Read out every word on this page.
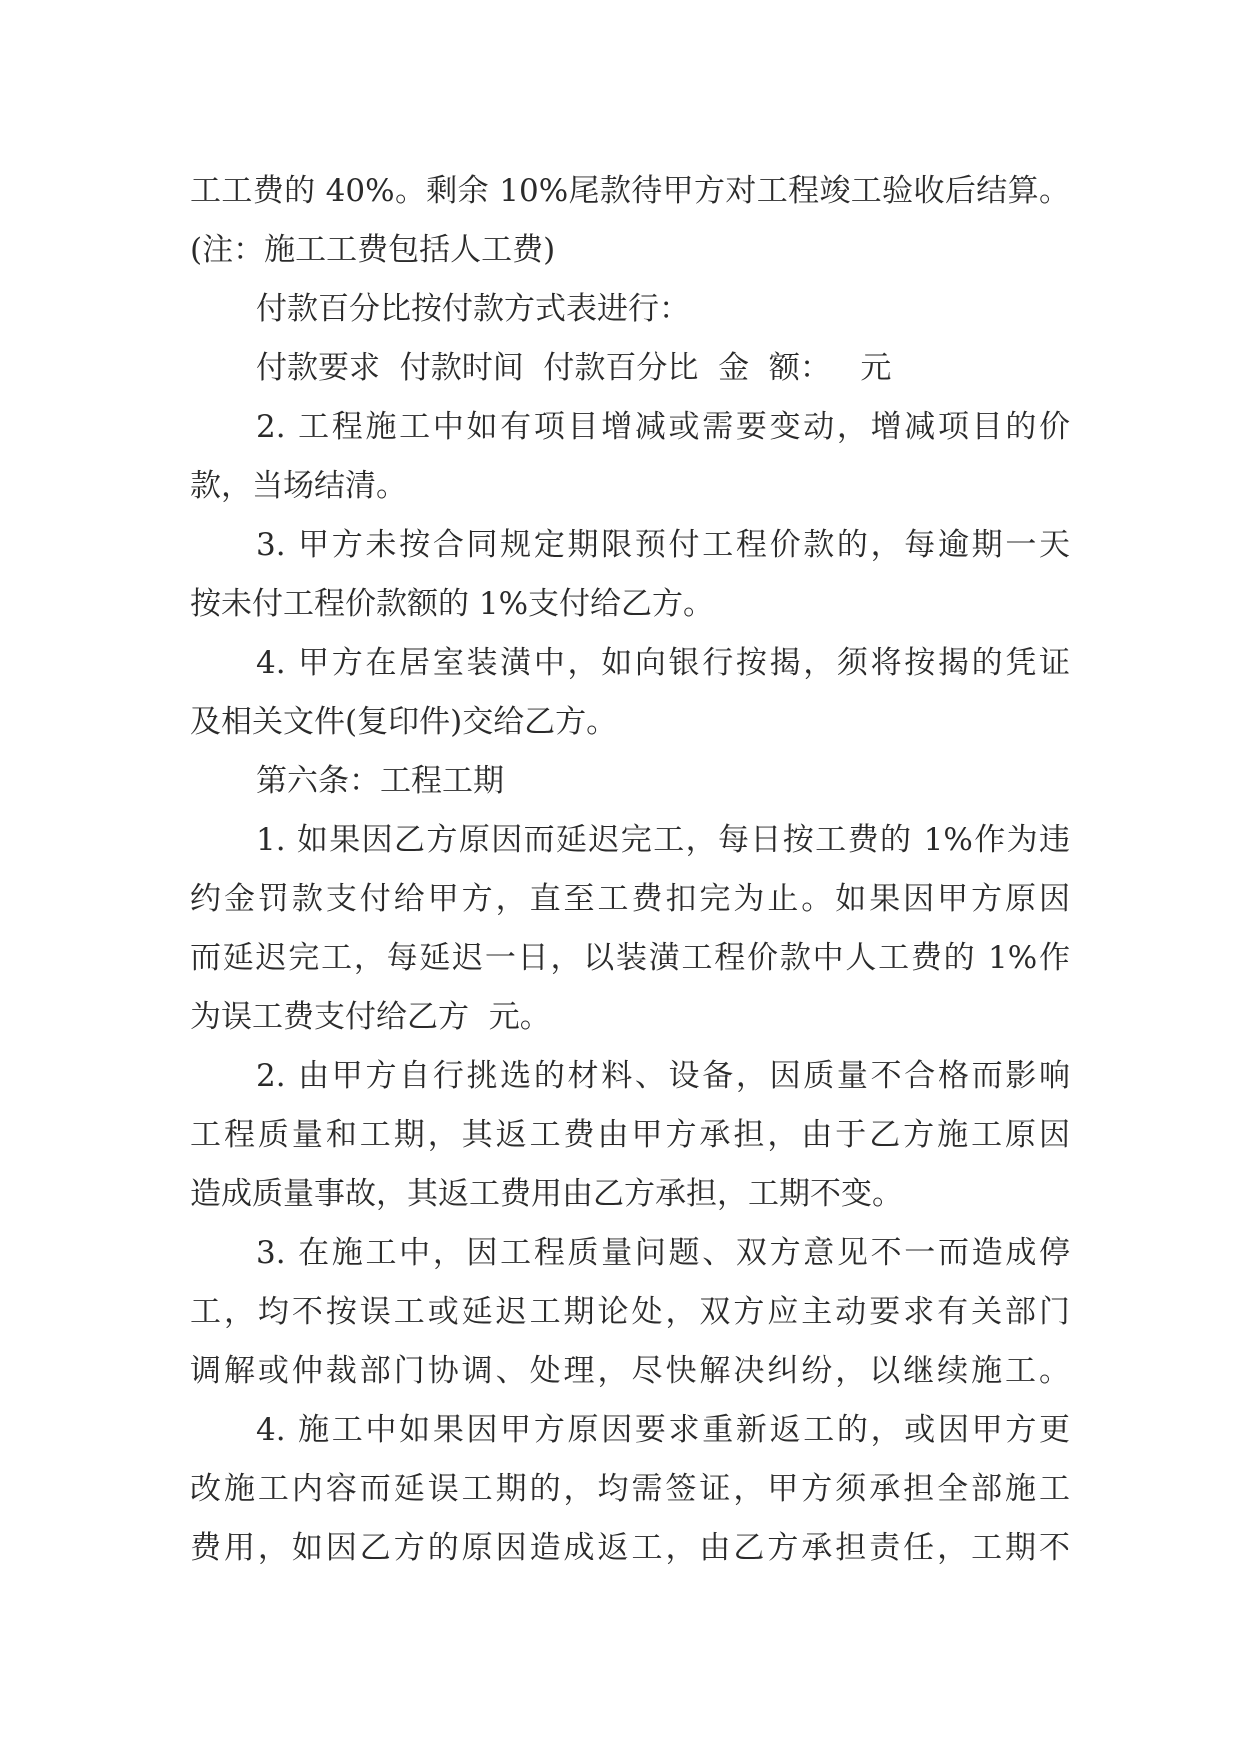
工工费的 40%。剩余 10%尾款待甲方对工程竣工验收后结算。
(注：施工工费包括人工费)
付款百分比按付款方式表进行：
付款要求  付款时间  付款百分比  金  额：   元
2. 工程施工中如有项目增减或需要变动，增减项目的价
款，当场结清。
3. 甲方未按合同规定期限预付工程价款的，每逾期一天
按未付工程价款额的 1%支付给乙方。
4. 甲方在居室装潢中，如向银行按揭，须将按揭的凭证
及相关文件(复印件)交给乙方。
第六条：工程工期
1. 如果因乙方原因而延迟完工，每日按工费的 1%作为违
约金罚款支付给甲方，直至工费扣完为止。如果因甲方原因
而延迟完工，每延迟一日，以装潢工程价款中人工费的 1%作
为误工费支付给乙方  元。
2. 由甲方自行挑选的材料、设备，因质量不合格而影响
工程质量和工期，其返工费由甲方承担，由于乙方施工原因
造成质量事故，其返工费用由乙方承担，工期不变。
3. 在施工中，因工程质量问题、双方意见不一而造成停
工，均不按误工或延迟工期论处，双方应主动要求有关部门
调解或仲裁部门协调、处理，尽快解决纠纷，以继续施工。
4. 施工中如果因甲方原因要求重新返工的，或因甲方更
改施工内容而延误工期的，均需签证，甲方须承担全部施工
费用，如因乙方的原因造成返工，由乙方承担责任，工期不
